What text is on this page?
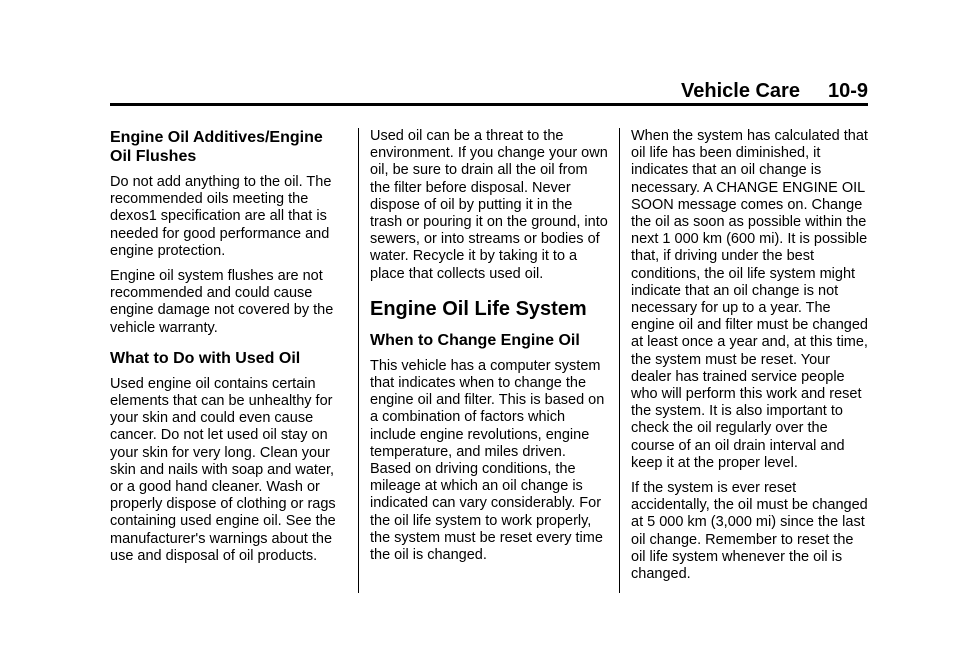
Vehicle Care 10-9
Engine Oil Additives/Engine Oil Flushes

Do not add anything to the oil. The recommended oils meeting the dexos1 specification are all that is needed for good performance and engine protection.

Engine oil system flushes are not recommended and could cause engine damage not covered by the vehicle warranty.

What to Do with Used Oil

Used engine oil contains certain elements that can be unhealthy for your skin and could even cause cancer. Do not let used oil stay on your skin for very long. Clean your skin and nails with soap and water, or a good hand cleaner. Wash or properly dispose of clothing or rags containing used engine oil. See the manufacturer's warnings about the use and disposal of oil products.

Used oil can be a threat to the environment. If you change your own oil, be sure to drain all the oil from the filter before disposal. Never dispose of oil by putting it in the trash or pouring it on the ground, into sewers, or into streams or bodies of water. Recycle it by taking it to a place that collects used oil.

Engine Oil Life System
When to Change Engine Oil

This vehicle has a computer system that indicates when to change the engine oil and filter. This is based on a combination of factors which include engine revolutions, engine temperature, and miles driven. Based on driving conditions, the mileage at which an oil change is indicated can vary considerably. For the oil life system to work properly, the system must be reset every time the oil is changed.

When the system has calculated that oil life has been diminished, it indicates that an oil change is necessary. A CHANGE ENGINE OIL SOON message comes on. Change the oil as soon as possible within the next 1 000 km (600 mi). It is possible that, if driving under the best conditions, the oil life system might indicate that an oil change is not necessary for up to a year. The engine oil and filter must be changed at least once a year and, at this time, the system must be reset. Your dealer has trained service people who will perform this work and reset the system. It is also important to check the oil regularly over the course of an oil drain interval and keep it at the proper level.

If the system is ever reset accidentally, the oil must be changed at 5 000 km (3,000 mi) since the last oil change. Remember to reset the oil life system whenever the oil is changed.
